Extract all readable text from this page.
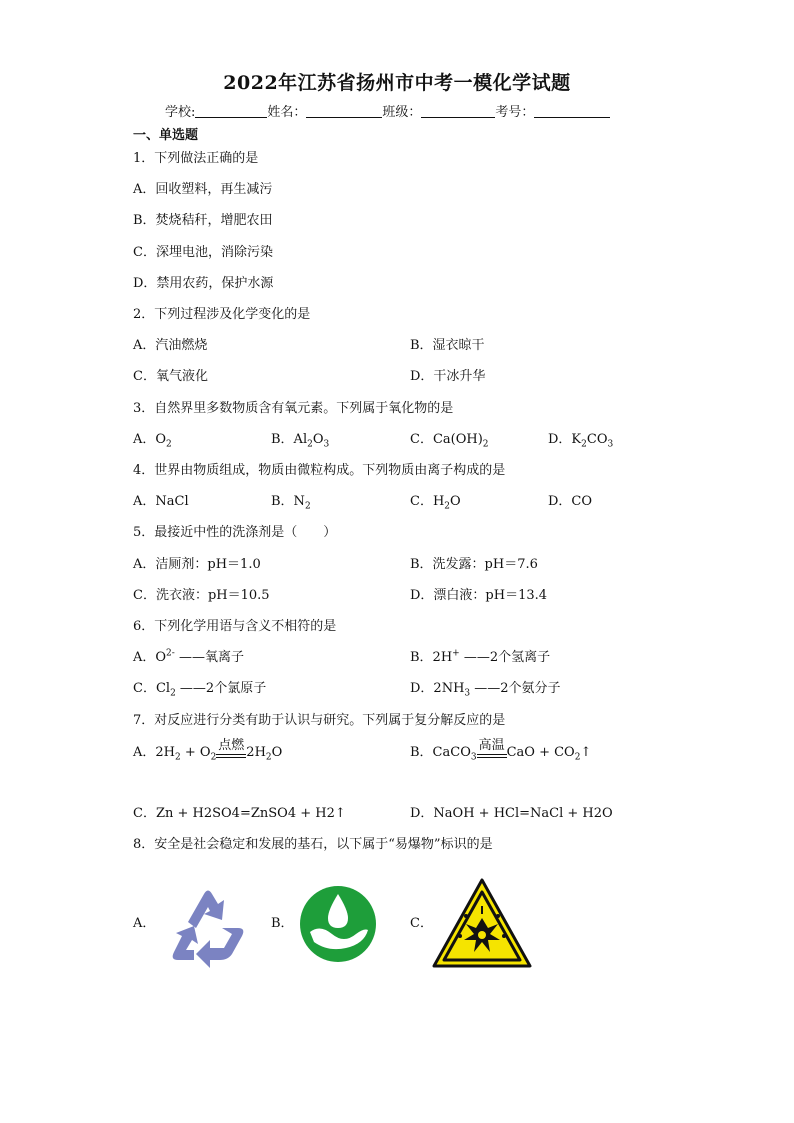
2022年江苏省扬州市中考一模化学试题
学校:	姓名：	班级：	考号：
一、单选题
1．下列做法正确的是
A．回收塑料，再生减污
B．焚烧秸秆，增肥农田
C．深埋电池，消除污染
D．禁用农药，保护水源
2．下列过程涉及化学变化的是
A．汽油燃烧	B．湿衣晾干
C．氧气液化	D．干冰升华
3．自然界里多数物质含有氧元素。下列属于氧化物的是
A．$O_2$	B．$Al_2O_3$	C．$Ca(OH)_2$	D．$K_2CO_3$
4．世界由物质组成，物质由微粒构成。下列物质由离子构成的是
A．NaCl	B．$N_2$	C．$H_2O$	D．CO
5．最接近中性的洗涤剂是（　　）
A．洁厕剂：pH＝1.0	B．洗发露：pH＝7.6
C．洗衣液：pH＝10.5	D．漂白液：pH＝13.4
6．下列化学用语与含义不相符的是
A．$O^{2-}$ ——氧离子	B．2H+ ——2个氢离子
C．$Cl_2$ ——2个氯原子	D．$2NH_3$ ——2个氨分子
7．对反应进行分类有助于认识与研究。下列属于复分解反应的是
A．$2H_2 + O_2$
点燃 $2H_2O$	B．CaCO$_3$
高温 CaO + $CO_2↑$
C．Zn + H2SO4=ZnSO4 + H2↑	D．NaOH + HCl=NaCl + H2O
8．安全是社会稳定和发展的基石，以下属于“易爆物”标识的是
A．	B．	C．
